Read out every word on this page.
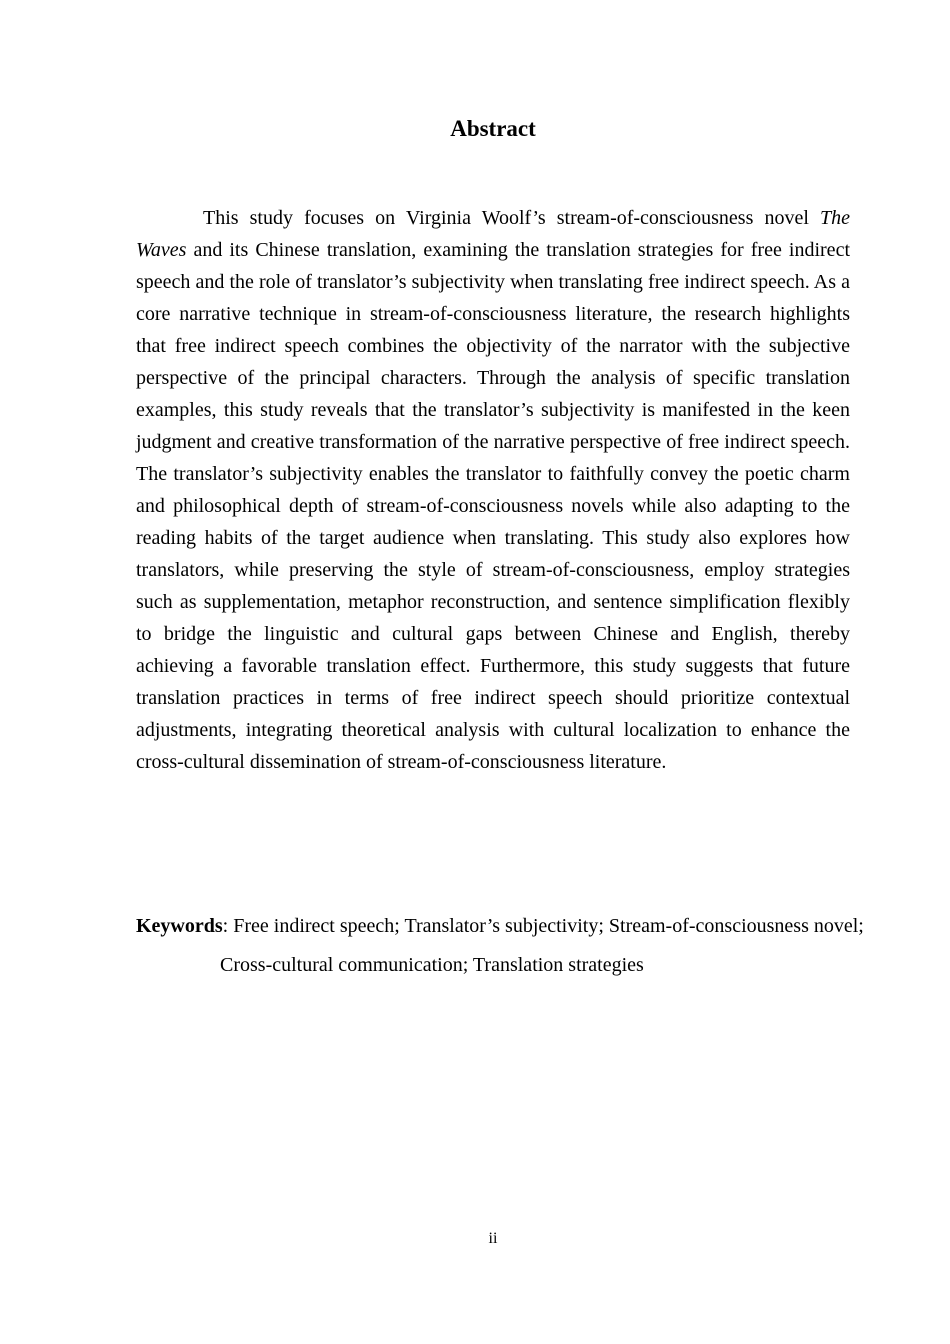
Abstract

This study focuses on Virginia Woolf’s stream-of-consciousness novel The Waves and its Chinese translation, examining the translation strategies for free indirect speech and the role of translator’s subjectivity when translating free indirect speech. As a core narrative technique in stream-of-consciousness literature, the research highlights that free indirect speech combines the objectivity of the narrator with the subjective perspective of the principal characters. Through the analysis of specific translation examples, this study reveals that the translator’s subjectivity is manifested in the keen judgment and creative transformation of the narrative perspective of free indirect speech. The translator’s subjectivity enables the translator to faithfully convey the poetic charm and philosophical depth of stream-of-consciousness novels while also adapting to the reading habits of the target audience when translating. This study also explores how translators, while preserving the style of stream-of-consciousness, employ strategies such as supplementation, metaphor reconstruction, and sentence simplification flexibly to bridge the linguistic and cultural gaps between Chinese and English, thereby achieving a favorable translation effect. Furthermore, this study suggests that future translation practices in terms of free indirect speech should prioritize contextual adjustments, integrating theoretical analysis with cultural localization to enhance the cross-cultural dissemination of stream-of-consciousness literature.

Keywords: Free indirect speech; Translator’s subjectivity; Stream-of-consciousness novel; Cross-cultural communication; Translation strategies

ii
